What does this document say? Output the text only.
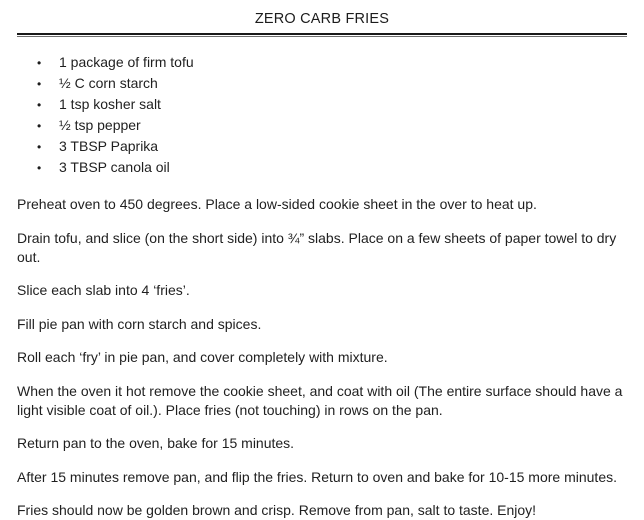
ZERO CARB FRIES
•	1 package of firm tofu
•	½ C corn starch
•	1 tsp kosher salt
•	½ tsp pepper
•	3 TBSP Paprika
•	3 TBSP canola oil

Preheat oven to 450 degrees. Place a low-sided cookie sheet in the over to heat up.

Drain tofu, and slice (on the short side) into ¾” slabs. Place on a few sheets of paper towel to dry out.

Slice each slab into 4 ‘fries’.

Fill pie pan with corn starch and spices.

Roll each ‘fry’ in pie pan, and cover completely with mixture.

When the oven it hot remove the cookie sheet, and coat with oil (The entire surface should have a light visible coat of oil.). Place fries (not touching) in rows on the pan.

Return pan to the oven, bake for 15 minutes.

After 15 minutes remove pan, and flip the fries. Return to oven and bake for 10-15 more minutes.

Fries should now be golden brown and crisp. Remove from pan, salt to taste. Enjoy!
